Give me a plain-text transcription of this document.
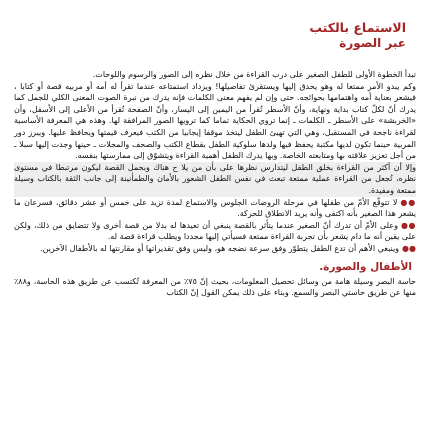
الاستماع بالكتب
عبر الصورة

تبدأ الخطوة الأولى للطفل الصغير على درب القراءة من خلال نظره إلى الصور والرسوم واللوحات.

وكم يبدو الأمر ممتعا له وهو يحدق إليها ويستقرئ تفاصيلها! ويزداد استمتاعه عندما تقرأ له أمه أو مربيه قصة أو كتابا ، فيشعر بعناية أمه واهتمامها بحوائجه. حتى وإن لم يفهم معنى الكلمات فإنه يدرك من نبرة الصوت المعنى الكلي للجمل كما يدرك أنّ لكلّ كتاب بداية ونهاية، وأنّ الأسطر تُقرأ من اليمين إلى اليسار، وأنّ الصفحة تُقرأ من الأعلى إلى الأسفل، وأن «الخربشة» على الأسطر ـ الكلمات ـ إنما تروي الحكاية تماما كما ترويها الصور المرافقة لها. وهذه هي المعرفة الأساسية لقراءة ناجحة في المستقبل، وهي التي تهيئ الطفل ليتخذ موقفا إيجابيا من الكتب فيعرف قيمتها ويحافظ عليها. ويبرز دور المربية حينما تكون لديها مكتبة يحفظ فيها ولدها سلوكية الطفل بقطاع الكتب والصحف والمجلات ـ حينها وجدت إليها سبلا ـ من أجل تعزيز علاقته بها ومتابعته الخاصة. وبها يدرك الطفل أهمية القراءة ويتشوّق إلى ممارستها بنفسه.

وإلا أن أكثر من القراءة بخلق الطفل ليتدارس نظرها على بأن من يلا ح هناك وبحمل القصة ليكون مرتبطا في مستوى نظره، تُجعل من القراءة عملية ممتعة تبعث في نفس الطفل الشعور بالأمان والطمأنينة إلى جانب الثقة بالكتاب وسيلة ممتعة ومفيدة.

●●لا تتوقّع الأمّ من طفلها في مرحلة الروضات الجلوس والاستماع لمدة تزيد على خمس أو عشر دقائق، فسرعان ما يشعر هذا الصغير بأنه اكتفى وأنه يريد الانطلاق للحركة.

●●وعلى الأمّ أن تدرك أنّ الصغير عندما يتأثر بالقصة ينبغي أن تعيدها له بدلا من قصة أخرى ولا تتضايق من ذلك، ولكن على يقين أنه ما دام يشعر بأن تجربة القراءة ممتعة فسيأتي إليها مجددا ويطلب قراءة قصة له.

●●وينبغي الأهم أن تدع الطفل يتطوّر وفق سرعة نضجه هو، وليس وفق تقديراتها أو مقارنتها له بالأطفال الآخرين.

الأطفال والصورة.

حاسة البصر وسيلة هامة من وسائل تحصيل المعلومات، بحيث إنّ ٧٥٪ من المعرفة تُكتسب عن طريق هذه الحاسة، و٨٨٪ منها عن طريق حاستي البصر والسمع. وبناء على ذلك يمكن القول إنّ الكتاب
